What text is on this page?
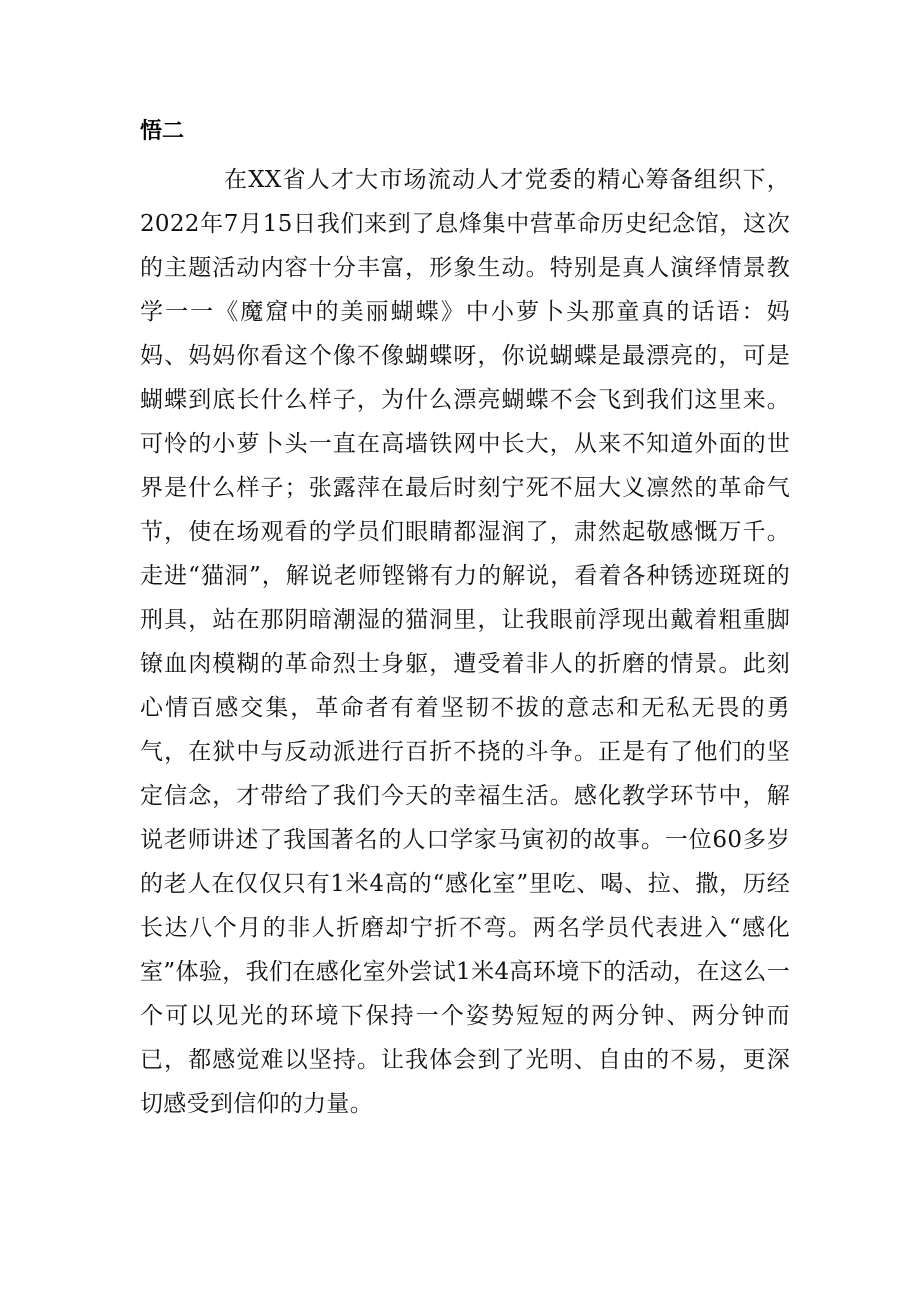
悟二

在XX省人才大市场流动人才党委的精心筹备组织下，2022年7月15日我们来到了息烽集中营革命历史纪念馆，这次的主题活动内容十分丰富，形象生动。特别是真人演绎情景教学一一《魔窟中的美丽蝴蝶》中小萝卜头那童真的话语：妈妈、妈妈你看这个像不像蝴蝶呀，你说蝴蝶是最漂亮的，可是蝴蝶到底长什么样子，为什么漂亮蝴蝶不会飞到我们这里来。可怜的小萝卜头一直在高墙铁网中长大，从来不知道外面的世界是什么样子；张露萍在最后时刻宁死不屈大义凛然的革命气节，使在场观看的学员们眼睛都湿润了，肃然起敬感慨万千。走进“猫洞”，解说老师铿锵有力的解说，看着各种锈迹斑斑的刑具，站在那阴暗潮湿的猫洞里，让我眼前浮现出戴着粗重脚镣血肉模糊的革命烈士身躯，遭受着非人的折磨的情景。此刻心情百感交集，革命者有着坚韧不拔的意志和无私无畏的勇气，在狱中与反动派进行百折不挠的斗争。正是有了他们的坚定信念，才带给了我们今天的幸福生活。感化教学环节中，解说老师讲述了我国著名的人口学家马寅初的故事。一位60多岁的老人在仅仅只有1米4高的“感化室”里吃、喝、拉、撒，历经长达八个月的非人折磨却宁折不弯。两名学员代表进入“感化室”体验，我们在感化室外尝试1米4高环境下的活动，在这么一个可以见光的环境下保持一个姿势短短的两分钟、两分钟而已，都感觉难以坚持。让我体会到了光明、自由的不易，更深切感受到信仰的力量。
